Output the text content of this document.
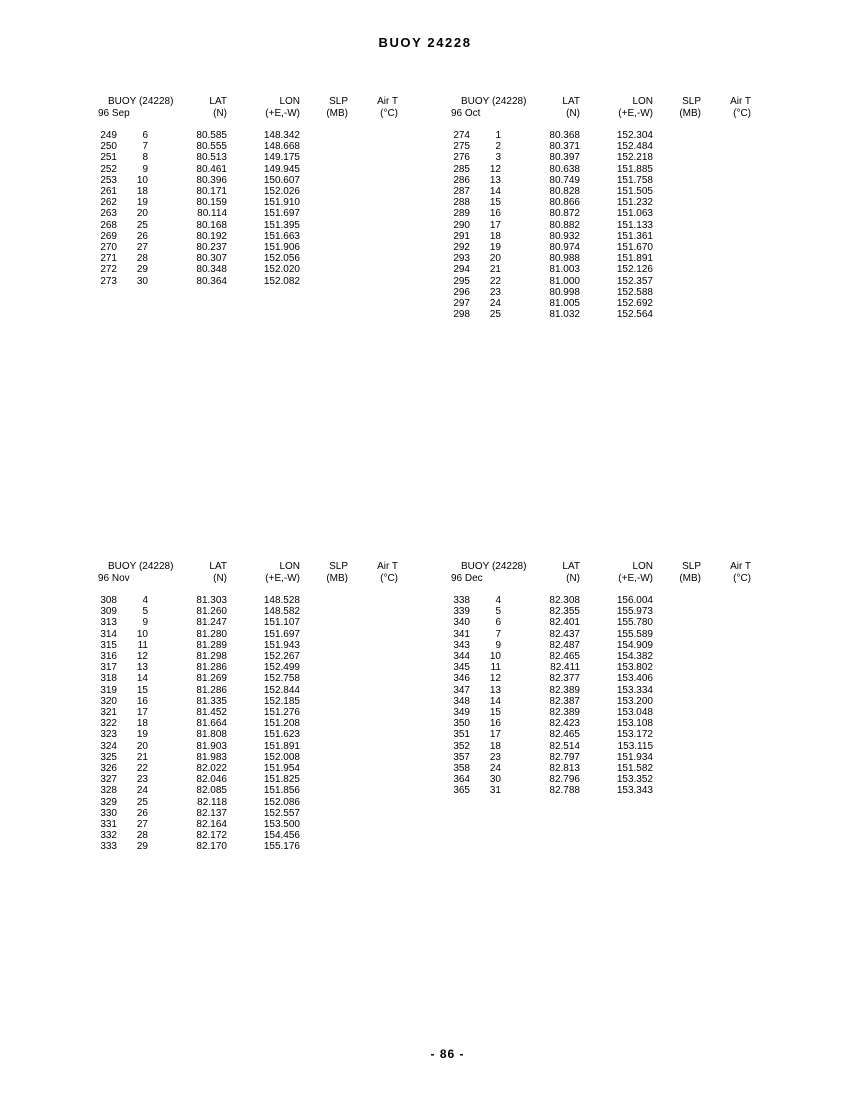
BUOY 24228
BUOY (24228)	LAT	LON	SLP	Air T
96 Sep	(N)	(+E,-W)	(MB)	(°C)
249	6	80.585	148.342
250	7	80.555	148.668
251	8	80.513	149.175
252	9	80.461	149.945
253	10	80.396	150.607
261	18	80.171	152.026
262	19	80.159	151.910
263	20	80.114	151.697
268	25	80.168	151.395
269	26	80.192	151.663
270	27	80.237	151.906
271	28	80.307	152.056
272	29	80.348	152.020
273	30	80.364	152.082
BUOY (24228)	LAT	LON	SLP	Air T
96 Oct	(N)	(+E,-W)	(MB)	(°C)
274	1	80.368	152.304
275	2	80.371	152.484
276	3	80.397	152.218
285	12	80.638	151.885
286	13	80.749	151.758
287	14	80.828	151.505
288	15	80.866	151.232
289	16	80.872	151.063
290	17	80.882	151.133
291	18	80.932	151.361
292	19	80.974	151.670
293	20	80.988	151.891
294	21	81.003	152.126
295	22	81.000	152.357
296	23	80.998	152.588
297	24	81.005	152.692
298	25	81.032	152.564
BUOY (24228)	LAT	LON	SLP	Air T
96 Nov	(N)	(+E,-W)	(MB)	(°C)
308	4	81.303	148.528
309	5	81.260	148.582
313	9	81.247	151.107
314	10	81.280	151.697
315	11	81.289	151.943
316	12	81.298	152.267
317	13	81.286	152.499
318	14	81.269	152.758
319	15	81.286	152.844
320	16	81.335	152.185
321	17	81.452	151.276
322	18	81.664	151.208
323	19	81.808	151.623
324	20	81.903	151.891
325	21	81.983	152.008
326	22	82.022	151.954
327	23	82.046	151.825
328	24	82.085	151.856
329	25	82.118	152.086
330	26	82.137	152.557
331	27	82.164	153.500
332	28	82.172	154.456
333	29	82.170	155.176
BUOY (24228)	LAT	LON	SLP	Air T
96 Dec	(N)	(+E,-W)	(MB)	(°C)
338	4	82.308	156.004
339	5	82.355	155.973
340	6	82.401	155.780
341	7	82.437	155.589
343	9	82.487	154.909
344	10	82.465	154.382
345	11	82.411	153.802
346	12	82.377	153.406
347	13	82.389	153.334
348	14	82.387	153.200
349	15	82.389	153.048
350	16	82.423	153.108
351	17	82.465	153.172
352	18	82.514	153.115
357	23	82.797	151.934
358	24	82.813	151.582
364	30	82.796	153.352
365	31	82.788	153.343
- 86 -
